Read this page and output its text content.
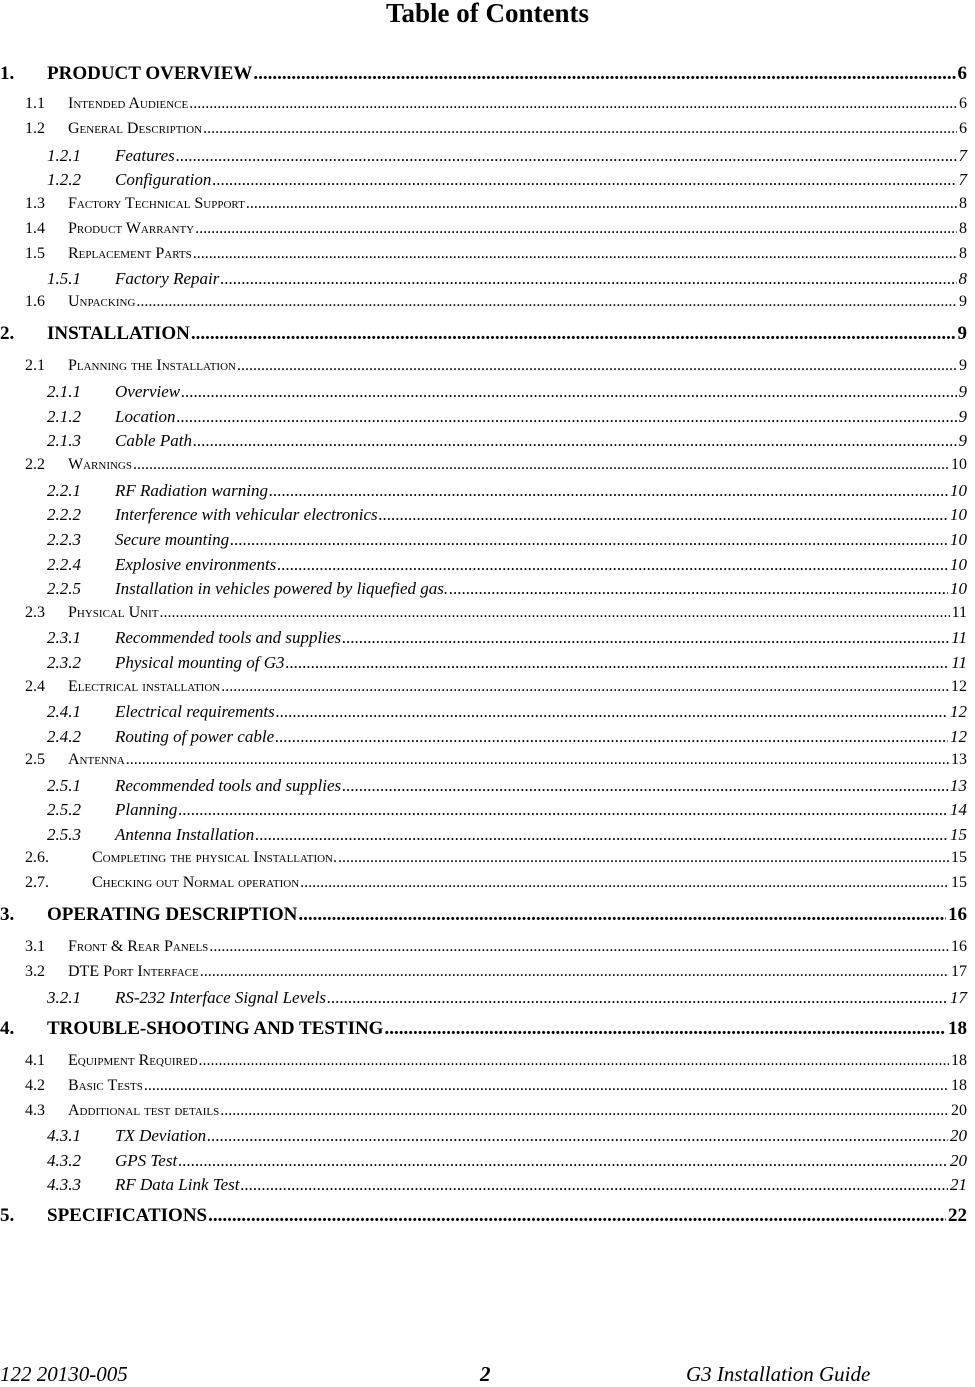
Table of Contents
1.	PRODUCT OVERVIEW .....	6
1.1	Intended Audience .....	6
1.2	General Description .....	6
1.2.1	Features .....	7
1.2.2	Configuration .....	7
1.3	Factory Technical Support .....	8
1.4	Product Warranty .....	8
1.5	Replacement Parts .....	8
1.5.1	Factory Repair .....	8
1.6	Unpacking .....	9
2.	INSTALLATION .....	9
2.1	Planning the Installation .....	9
2.1.1	Overview .....	9
2.1.2	Location .....	9
2.1.3	Cable Path .....	9
2.2	Warnings .....	10
2.2.1	RF Radiation warning .....	10
2.2.2	Interference with vehicular electronics .....	10
2.2.3	Secure mounting .....	10
2.2.4	Explosive environments .....	10
2.2.5	Installation in vehicles powered by liquefied gas. .....	10
2.3	Physical Unit .....	11
2.3.1	Recommended tools and supplies .....	11
2.3.2	Physical mounting of G3 .....	11
2.4	Electrical installation .....	12
2.4.1	Electrical requirements .....	12
2.4.2	Routing of power cable .....	12
2.5	Antenna .....	13
2.5.1	Recommended tools and supplies .....	13
2.5.2	Planning .....	14
2.5.3	Antenna Installation .....	15
2.6.	Completing the physical Installation. .....	15
2.7.	Checking out Normal operation .....	15
3.	OPERATING DESCRIPTION .....	16
3.1	Front & Rear Panels .....	16
3.2	DTE Port Interface .....	17
3.2.1	RS-232 Interface Signal Levels .....	17
4.	TROUBLE-SHOOTING AND TESTING .....	18
4.1	Equipment Required .....	18
4.2	Basic Tests .....	18
4.3	Additional test details .....	20
4.3.1	TX Deviation .....	20
4.3.2	GPS Test .....	20
4.3.3	RF Data Link Test .....	21
5.	SPECIFICATIONS .....	22
122 20130-005	2	G3 Installation Guide
